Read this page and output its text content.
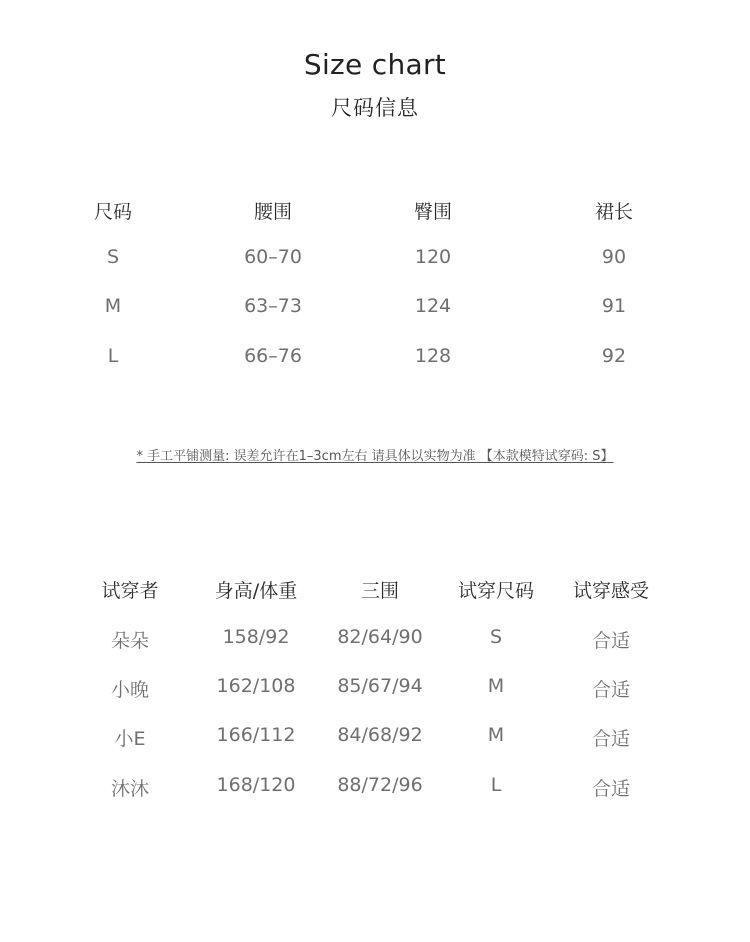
Size chart
尺码信息
尺码	腰围	臀围	裙长
S	60–70	120	90
M	63–73	124	91
L	66–76	128	92
* 手工平铺测量: 误差允许在1–3cm左右 请具体以实物为准 【本款模特试穿码: S】
试穿者	身高/体重	三围	试穿尺码 试穿感受
朵朵	158/92	82/64/90	S	合适
小晚	162/108 85/67/94	M	合适
小E	166/112 84/68/92	M	合适
沐沐	168/120 88/72/96	L	合适
